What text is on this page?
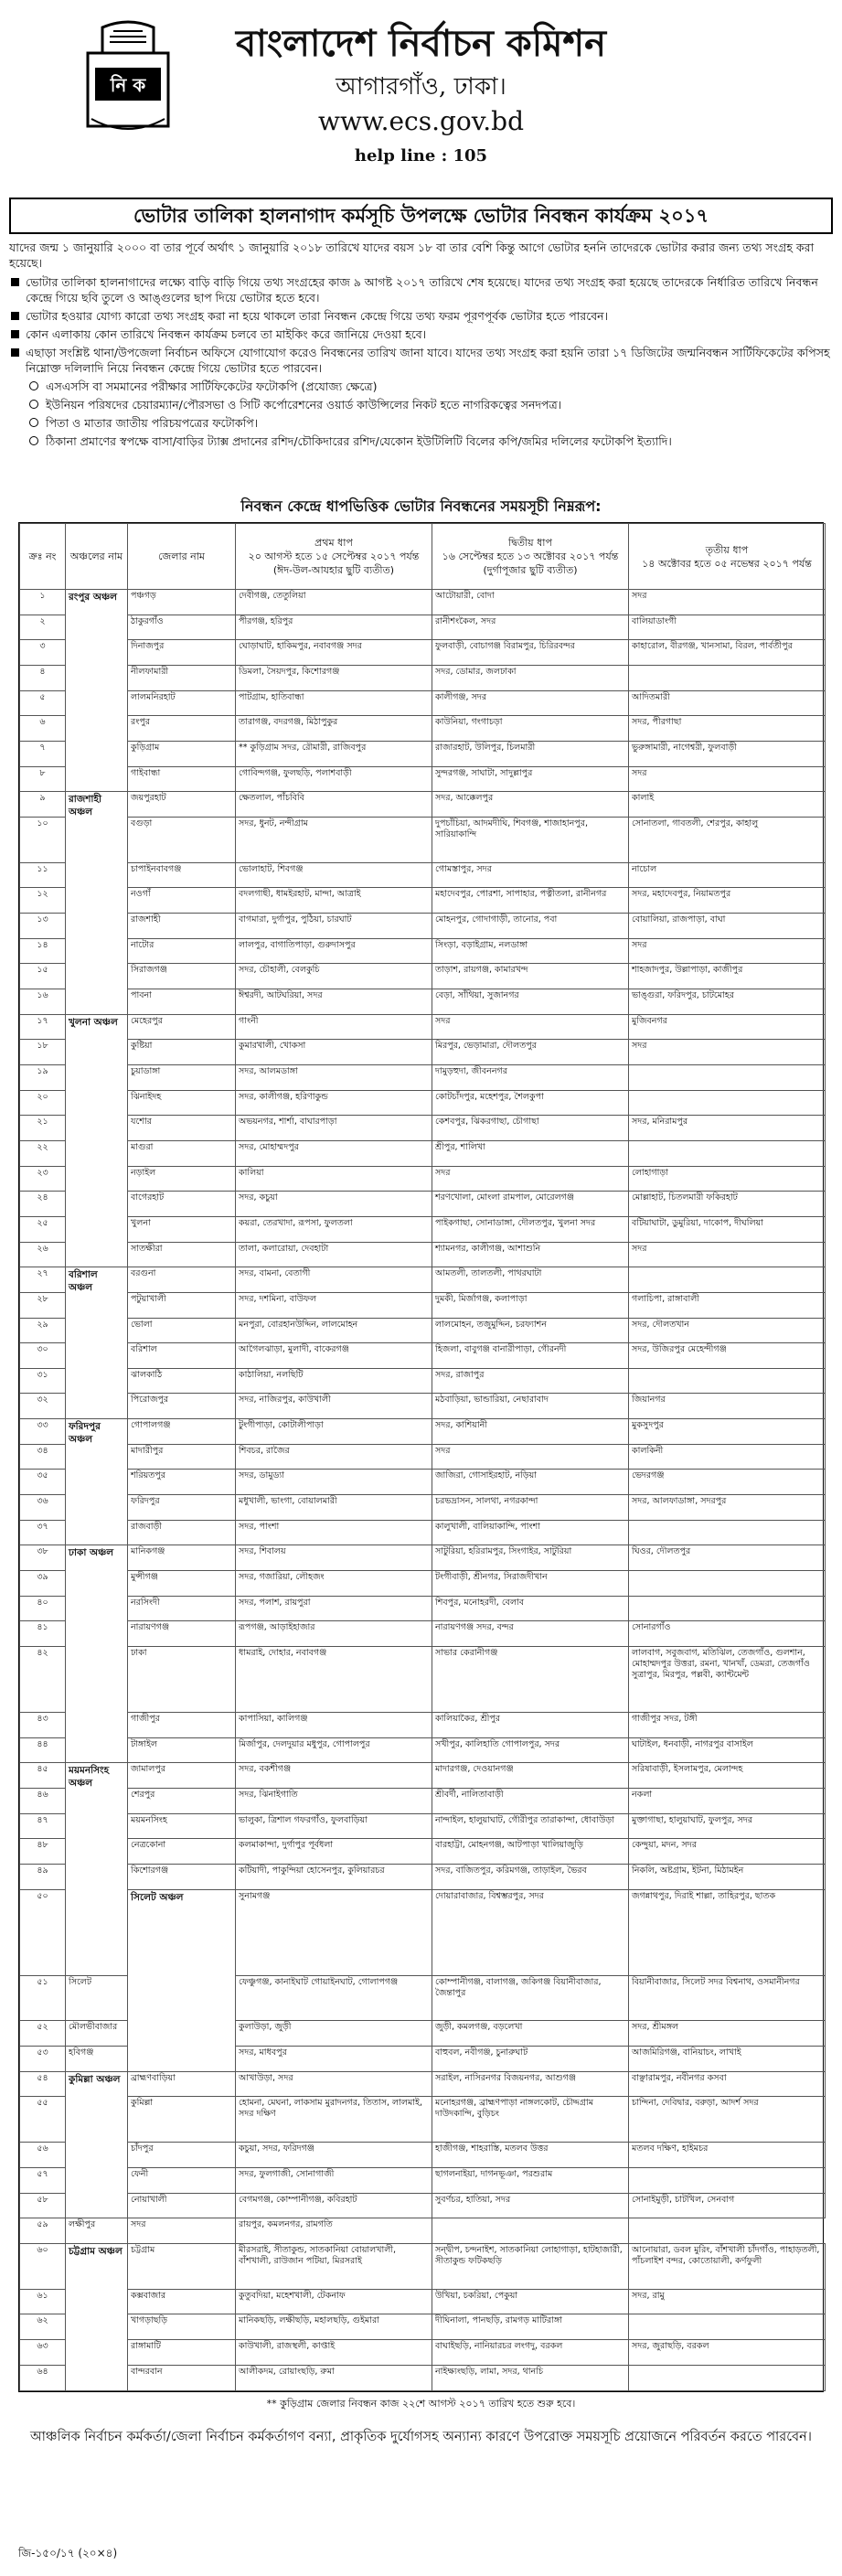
নি ক
বাংলাদেশ নির্বাচন কমিশন
আগারগাঁও, ঢাকা।
www.ecs.gov.bd
help line : 105
ভোটার তালিকা হালনাগাদ কর্মসূচি উপলক্ষে ভোটার নিবন্ধন কার্যক্রম ২০১৭
যাদের জন্ম ১ জানুয়ারি ২০০০ বা তার পূর্বে অর্থাৎ ১ জানুয়ারি ২০১৮ তারিখে যাদের বয়স ১৮ বা তার বেশি কিন্তু আগে ভোটার হননি তাদেরকে ভোটার করার জন্য তথ্য সংগ্রহ করা হয়েছে।
ভোটার তালিকা হালনাগাদের লক্ষ্যে বাড়ি বাড়ি গিয়ে তথ্য সংগ্রহের কাজ ৯ আগষ্ট ২০১৭ তারিখে শেষ হয়েছে। যাদের তথ্য সংগ্রহ করা হয়েছে তাদেরকে নির্ধারিত তারিখে নিবন্ধন কেন্দ্রে গিয়ে ছবি তুলে ও আঙ্গুলের ছাপ দিয়ে ভোটার হতে হবে।
ভোটার হওয়ার যোগ্য কারো তথ্য সংগ্রহ করা না হয়ে থাকলে তারা নিবন্ধন কেন্দ্রে গিয়ে তথ্য ফরম পূরণপূর্বক ভোটার হতে পারবেন।
কোন এলাকায় কোন তারিখে নিবন্ধন কার্যক্রম চলবে তা মাইকিং করে জানিয়ে দেওয়া হবে।
এছাড়া সংশ্লিষ্ট থানা/উপজেলা নির্বাচন অফিসে যোগাযোগ করেও নিবন্ধনের তারিখ জানা যাবে। যাদের তথ্য সংগ্রহ করা হয়নি তারা ১৭ ডিজিটের জন্মনিবন্ধন সার্টিফিকেটের কপিসহ নিম্নোক্ত দলিলাদি নিয়ে নিবন্ধন কেন্দ্রে গিয়ে ভোটার হতে পারবেন।
এসএসসি বা সমমানের পরীক্ষার সার্টিফিকেটের ফটোকপি (প্রযোজ্য ক্ষেত্রে)
ইউনিয়ন পরিষদের চেয়ারম্যান/পৌরসভা ও সিটি কর্পোরেশনের ওয়ার্ড কাউন্সিলের নিকট হতে নাগরিকত্বের সনদপত্র।
পিতা ও মাতার জাতীয় পরিচয়পত্রের ফটোকপি।
ঠিকানা প্রমাণের স্বপক্ষে বাসা/বাড়ির ট্যাক্স প্রদানের রশিদ/চৌকিদারের রশিদ/যেকোন ইউটিলিটি বিলের কপি/জমির দলিলের ফটোকপি ইত্যাদি।
নিবন্ধন কেন্দ্রে ধাপভিত্তিক ভোটার নিবন্ধনের সময়সূচী নিম্নরূপ:
ক্রঃ নং	অঞ্চলের নাম	জেলার নাম	প্রথম ধাপ
২০ আগস্ট হতে ১৫ সেপ্টেম্বর ২০১৭ পর্যন্ত (ঈদ-উল-আযহার ছুটি ব্যতীত)	দ্বিতীয় ধাপ
১৬ সেপ্টেম্বর হতে ১৩ অক্টোবর ২০১৭ পর্যন্ত (দুর্গাপূজার ছুটি ব্যতীত)	তৃতীয় ধাপ
১৪ অক্টোবর হতে ০৫ নভেম্বর ২০১৭ পর্যন্ত	
১	রংপুর অঞ্চল	পঞ্চগড়	দেবীগঞ্জ, তেতুলিয়া	আটোয়ারী, বোদা	সদর	
২		ঠাকুরগাঁও	পীরগঞ্জ, হরিপুর	রানীশংকৈল, সদর	বালিয়াডাংগী	
৩		দিনাজপুর	ঘোড়াঘাট, হাকিমপুর, নবাবগঞ্জ সদর	ফুলবাড়ী, বোচাগঞ্জ বিরামপুর, চিরিরবন্দর	কাহারোল, বীরগঞ্জ, খানসামা, বিরল, পার্বতীপুর	
৪		নীলফামারী	ডিমলা, সৈয়দপুর, কিশোরগঞ্জ	সদর, ডোমার, জলঢাকা		
৫		লালমনিরহাট	পাটগ্রাম, হাতিবান্ধা	কালীগঞ্জ, সদর	আদিতমারী	
৬		রংপুর	তারাগঞ্জ, বদরগঞ্জ, মিঠাপুকুর	কাউনিয়া, গংগাচড়া	সদর, পীরগাছা	
৭		কুড়িগ্রাম	** কুড়িগ্রাম সদর, রৌমারী, রাজিবপুর	রাজারহাট, উলিপুর, চিলমারী	ভুরুঙ্গামারী, নাগেশ্বরী, ফুলবাড়ী	
৮		গাইবান্ধা	গোবিন্দগঞ্জ, ফুলছড়ি, পলাশবাড়ী	সুন্দরগঞ্জ, সাঘাটা, সাদুল্লাপুর	সদর	
৯	রাজশাহী অঞ্চল	জয়পুরহাট	ক্ষেতলাল, পাঁচবিবি	সদর, আক্কেলপুর	কালাই	
১০		বগুড়া	সদর, ধুনট, নন্দীগ্রাম	দুপচাঁচিয়া, আদমদীঘি, শিবগঞ্জ, শাজাহানপুর, সারিয়াকান্দি	সোনাতলা, গাবতলী, শেরপুর, কাহালু	
১১		চাপাইনবাবগঞ্জ	ভোলাহাট, শিবগঞ্জ	গোমস্তাপুর, সদর	নাচোল	
১২		নওগাঁ	বদলগাছী, ধামইরহাট, মান্দা, আত্রাই	মহাদেবপুর, পোরশা, সাপাহার, পত্নীতলা, রানীনগর	সদর, মহাদেবপুর, নিয়ামতপুর	
১৩		রাজশাহী	বাগমারা, দুর্গাপুর, পুঠিয়া, চারঘাট	মোহনপুর, গোদাগাড়ী, তানোর, পবা	বোয়ালিয়া, রাজপাড়া, বাঘা	
১৪		নাটোর	লালপুর, বাগাতিপাড়া, গুরুদাসপুর	সিংড়া, বড়াইগ্রাম, নলডাঙ্গা	সদর	
১৫		সিরাজগঞ্জ	সদর, চৌহালী, বেলকুচি	তাড়াশ, রায়গঞ্জ, কামারখন্দ	শাহজাদপুর, উল্লাপাড়া, কাজীপুর	
১৬		পাবনা	ঈশ্বরদী, আটঘরিয়া, সদর	বেড়া, সাঁথিয়া, সুজানগর	ভাঙ্গুরা, ফরিদপুর, চাটমোহর	
১৭	খুলনা অঞ্চল	মেহেরপুর	গাংনী	সদর	মুজিবনগর	
১৮		কুষ্টিয়া	কুমারখালী, খোকসা	মিরপুর, ভেড়ামারা, দৌলতপুর	সদর	
১৯		চুয়াডাঙ্গা	সদর, আলমডাঙ্গা	দামুড়হুদা, জীবননগর		
২০		ঝিনাইদহ	সদর, কালীগঞ্জ, হরিণাকুন্ড	কোটচাঁদপুর, মহেশপুর, শৈলকুপা		
২১		যশোর	অভয়নগর, শার্শা, বাঘারপাড়া	কেশবপুর, ঝিকরগাছা, চৌগাছা	সদর, মনিরামপুর	
২২		মাগুরা	সদর, মোহাম্মদপুর	শ্রীপুর, শালিখা		
২৩		নড়াইল	কালিয়া	সদর	লোহাগাড়া	
২৪		বাগেরহাট	সদর, কচুয়া	শরণখোলা, মোংলা রামপাল, মোরেলগঞ্জ	মোল্লাহাট, চিতলমারী ফকিরহাট	
২৫		খুলনা	কয়রা, তেরখাদা, রূপসা, ফুলতলা	পাইকগাছা, সোনাডাঙ্গা, দৌলতপুর, খুলনা সদর	বটিয়াঘাটা, ডুমুরিয়া, দাকোপ, দীঘলিয়া	
২৬		সাতক্ষীরা	তালা, কলারোয়া, দেবহাটা	শ্যামনগর, কালীগঞ্জ, আশাশুনি	সদর	
২৭	বরিশাল অঞ্চল	বরগুনা	সদর, বামনা, বেতাগী	আমতলী, তালতলী, পাথরঘাটা		
২৮		পটুয়াখালী	সদর, দশমিনা, বাউফল	দুমকী, মির্জাগঞ্জ, কলাপাড়া	গলাচিপা, রাঙ্গাবালী	
২৯		ভোলা	মনপুরা, বোরহানউদ্দিন, লালমোহন	লালমোহন, তজুমুদ্দিন, চরফ্যাশন	সদর, দৌলতখান	
৩০		বরিশাল	আগৈলঝাড়া, মুলাদী, বাকেরগঞ্জ	হিজলা, বাবুগঞ্জ বানারীপাড়া, গৌরনদী	সদর, উজিরপুর মেহেন্দীগঞ্জ	
৩১		ঝালকাঠি	কাঠালিয়া, নলছিটি	সদর, রাজাপুর		
৩২		পিরোজপুর	সদর, নাজিরপুর, কাউখালী	মঠবাড়িয়া, ভান্ডারিয়া, নেছারাবাদ	জিয়ানগর	
৩৩	ফরিদপুর অঞ্চল	গোপালগঞ্জ	টুংগীপাড়া, কোটালীপাড়া	সদর, কাশিয়ানী	মুকসুদপুর	
৩৪		মাদারীপুর	শিবচর, রাজৈর	সদর	কালকিনী	
৩৫		শরিয়তপুর	সদর, ডামুড্যা	জাজিরা, গোসাইরহাট, নড়িয়া	ভেদরগঞ্জ	
৩৬		ফরিদপুর	মধুখালী, ভাংগা, বোয়ালমারী	চরভদ্রাসন, সালথা, নগরকান্দা	সদর, আলফাডাঙ্গা, সদরপুর	
৩৭		রাজবাড়ী	সদর, পাংশা	কালুখালী, বালিয়াকান্দি, পাংশা		
৩৮	ঢাকা অঞ্চল	মানিকগঞ্জ	সদর, শিবালয়	সাটুরিয়া, হরিরামপুর, সিংগাইর, সাটুরিয়া	ঘিওর, দৌলতপুর	
৩৯		মুন্সীগঞ্জ	সদর, গজারিয়া, লৌহজং	টংগীবাড়ী, শ্রীনগর, সিরাজদীখান		
৪০		নরসিংদী	সদর, পলাশ, রায়পুরা	শিবপুর, মনোহরদী, বেলাব		
৪১		নারায়ণগঞ্জ	রূপগঞ্জ, আড়াইহাজার	নারায়ণগঞ্জ সদর, বন্দর	সোনারগাঁও	
৪২		ঢাকা	ধামরাই, দোহার, নবাবগঞ্জ	সাভার কেরানীগঞ্জ	লালবাগ, সবুজবাগ, মতিঝিল, তেজগাঁও, গুলশান, মোহাম্মদপুর উত্তরা, রমনা, খানখাঁ, ডেমরা, তেজগাঁও সুত্রাপুর, মিরপুর, পল্লবী, ক্যান্টমেন্ট	
৪৩		গাজীপুর	কাপাসিয়া, কালিগঞ্জ	কালিয়াকৈর, শ্রীপুর	গাজীপুর সদর, টঙ্গী	
৪৪		টাঙ্গাইল	মির্জাপুর, দেলদুয়ার মধুপুর, গোপালপুর	সখীপুর, কালিহাতি গোপালপুর, সদর	ঘাটাইল, ধনবাড়ী, নাগরপুর বাসাইল	
৪৫	ময়মনসিংহ অঞ্চল	জামালপুর	সদর, বকশীগঞ্জ	মাদারগঞ্জ, দেওয়ানগঞ্জ	সরিষাবাড়ী, ইসলামপুর, মেলান্দহ	
৪৬		শেরপুর	সদর, ঝিনাইগাতি	শ্রীবর্দী, নালিতাবাড়ী	নকলা	
৪৭		ময়মনসিংহ	ভালুকা, ত্রিশাল গফরগাঁও, ফুলবাড়িয়া	নান্দাইল, হালুয়াঘাট, গৌরীপুর তারাকান্দা, ধোবাউড়া	মুক্তাগাছা, হালুয়াঘাট, ফুলপুর, সদর	
৪৮		নেত্রকোনা	কলমাকান্দা, দুর্গাপুর পূর্বধলা	বারহাট্টা, মোহনগঞ্জ, আটপাড়া খালিয়াজুড়ি	কেন্দুয়া, মদন, সদর	
৪৯		কিশোরগঞ্জ	কটিয়াদী, পাকুন্দিয়া হোসেনপুর, কুলিয়ারচর	সদর, বাজিতপুর, করিমগঞ্জ, তাড়াইল, ভৈরব	নিকলি, অষ্টগ্রাম, ইটনা, মিঠামইন	
৫০		সিলেট অঞ্চল	সুনামগঞ্জ	দোয়ারাবাজার, বিশ্বম্ভরপুর, সদর	জগন্নাথপুর, দিরাই শাল্লা, তাহিরপুর, ছাতক	
৫১	সিলেট		ফেঞ্চুগঞ্জ, কানাইঘাট গোয়াইনঘাট, গোলাপগঞ্জ	কোম্পানীগঞ্জ, বালাগঞ্জ, জকিগঞ্জ বিয়ানীবাজার, জৈন্তাপুর	বিয়ানীবাজার, সিলেট সদর বিশ্বনাথ, ওসমানীনগর	
৫২	মৌলভীবাজার		কুলাউড়া, জুড়ী	জুড়ী, কমলগঞ্জ, বড়লেখা	সদর, শ্রীমঙ্গল	
৫৩	হবিগঞ্জ		সদর, মাধবপুর	বাহুবল, নবীগঞ্জ, চুনারুঘাট	আজমিরিগঞ্জ, বানিয়াচং, লাখাই	
৫৪	কুমিল্লা অঞ্চল	ব্রাহ্মণবাড়িয়া	আখাউড়া, সদর	সরাইল, নাসিরনগর বিজয়নগর, আশুগঞ্জ	বাঞ্ছারামপুর, নবীনগর কসবা	
৫৫		কুমিল্লা	হোমনা, মেঘনা, লাকসাম মুরাদনগর, তিতাস, লালমাই, সদর দক্ষিণ	মনোহরগঞ্জ, ব্রাহ্মণপাড়া নাঙ্গলকোট, চৌদ্দগ্রাম দাউদকান্দি, বুড়িচং	চান্দিনা, দেবিদ্বার, বরুড়া, আদর্শ সদর	
৫৬		চাঁদপুর	কচুয়া, সদর, ফরিদগঞ্জ	হাজীগঞ্জ, শাহরাস্তি, মতলব উত্তর	মতলব দক্ষিণ, হাইমচর	
৫৭		ফেনী	সদর, ফুলগাজী, সোনাগাজী	ছাগলনাইয়া, দাগনভূঞা, পরশুরাম		
৫৮		নোয়াখালী	বেগমগঞ্জ, কোম্পানীগঞ্জ, কবিরহাট	সুবর্ণচর, হাতিয়া, সদর	সোনাইমুড়ী, চাটখিল, সেনবাগ	
৫৯	লক্ষীপুর	সদর	রায়পুর, কমলনগর, রামগতি			
৬০	চট্টগ্রাম অঞ্চল	চট্টগ্রাম	মীরসরাই, সীতাকুন্ড, সাতকানিয়া বোয়ালখালী, বাঁশখালী, রাউজান পটিয়া, মিরসরাই	সন্দ্বীপ, চন্দনাইশ, সাতকানিয়া লোহাগাড়া, হাটহাজারী, সীতাকুন্ড ফটিকছড়ি	আনোয়ারা, ডবল মুরিং, বাঁশখালী চাঁদগাঁও, পাহাড়তলী, পাঁচলাইশ বন্দর, কোতোয়ালী, কর্ণফুলী	
৬১		কক্সবাজার	কুতুবদিয়া, মহেশখালী, টেকনাফ	উখিয়া, চকরিয়া, পেকুয়া	সদর, রামু	
৬২		খাগড়াছড়ি	মানিকছড়ি, লক্ষীছড়ি, মহালছড়ি, গুইমারা	দীঘিনালা, পানছড়ি, রামগড় মাটিরাঙ্গা		
৬৩		রাঙ্গামাটি	কাউখালী, রাজস্থলী, কাপ্তাই	বাঘাইছড়ি, নানিয়ারচর লংগদু, বরকল	সদর, জুরাছড়ি, বরকল	
৬৪		বান্দরবান	আলীকদম, রোয়াংছড়ি, রুমা	নাইক্ষ্যংছড়ি, লামা, সদর, থানচি		
** কুড়িগ্রাম জেলার নিবন্ধন কাজ ২২শে আগস্ট ২০১৭ তারিখ হতে শুরু হবে।
আঞ্চলিক নির্বাচন কর্মকর্তা/জেলা নির্বাচন কর্মকর্তাগণ বন্যা, প্রাকৃতিক দুর্যোগসহ অন্যান্য কারণে উপরোক্ত সময়সূচি প্রয়োজনে পরিবর্তন করতে পারবেন।
জি-১৫০/১৭ (২০×৪)
